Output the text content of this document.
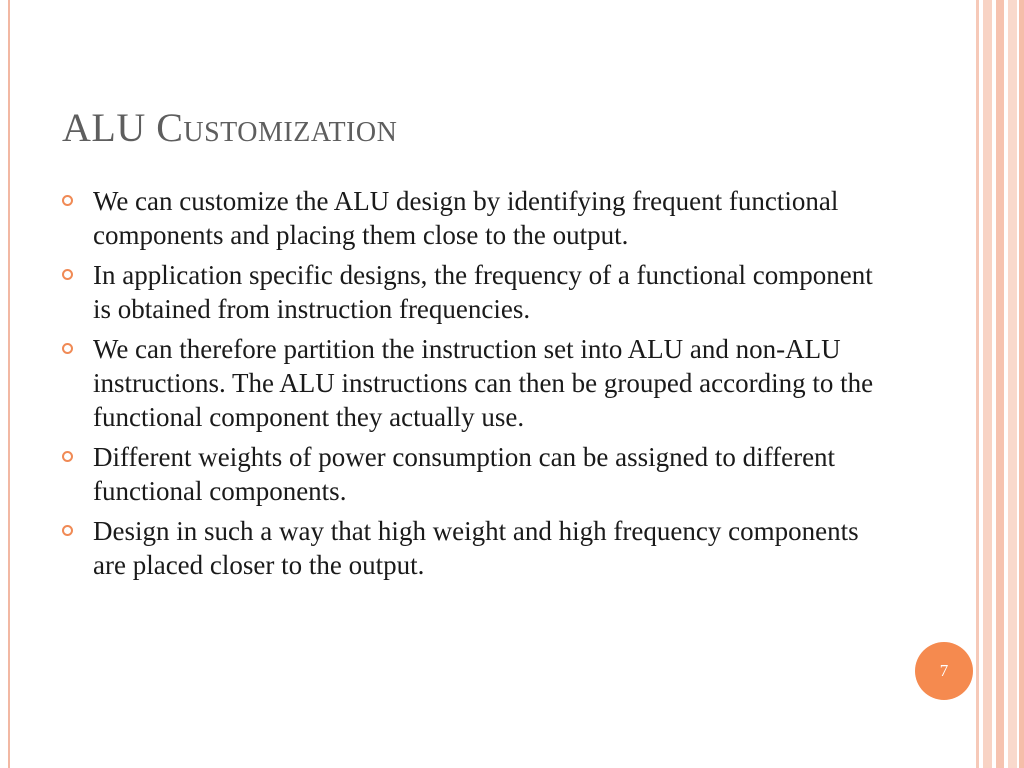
ALU Customization
We can customize the ALU design by identifying frequent functional components and placing them close to the output.
In application specific designs, the frequency of a functional component is obtained from instruction frequencies.
We can therefore partition the instruction set into ALU and non-ALU instructions. The ALU instructions can then be grouped according to the functional component they actually use.
Different weights of power consumption can be assigned to different functional components.
Design in such a way that high weight and high frequency components are placed closer to the output.
7
